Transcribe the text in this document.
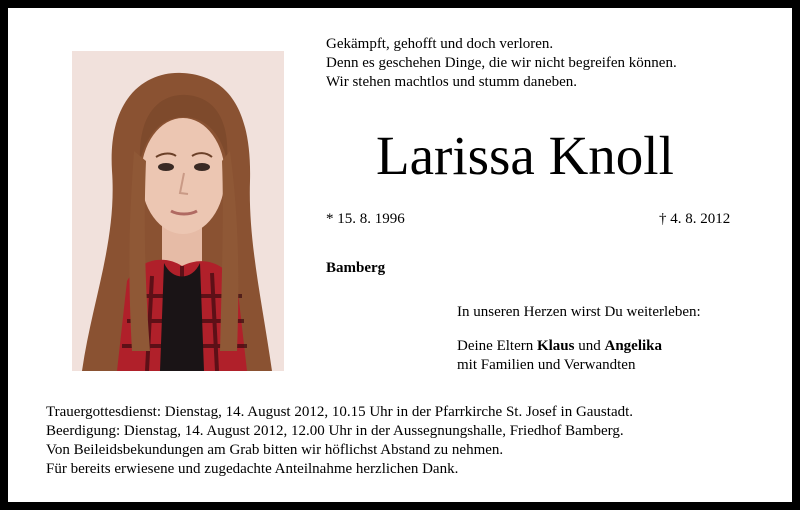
Gekämpft, gehofft und doch verloren.
Denn es geschehen Dinge, die wir nicht begreifen können.
Wir stehen machtlos und stumm daneben.
Larissa Knoll
* 15. 8. 1996	† 4. 8. 2012
Bamberg
In unseren Herzen wirst Du weiterleben:
Deine Eltern Klaus und Angelika
mit Familien und Verwandten
Trauergottesdienst: Dienstag, 14. August 2012, 10.15 Uhr in der Pfarrkirche St. Josef in Gaustadt.
Beerdigung: Dienstag, 14. August 2012, 12.00 Uhr in der Aussegnungshalle, Friedhof Bamberg.
Von Beileidsbekundungen am Grab bitten wir höflichst Abstand zu nehmen.
Für bereits erwiesene und zugedachte Anteilnahme herzlichen Dank.
